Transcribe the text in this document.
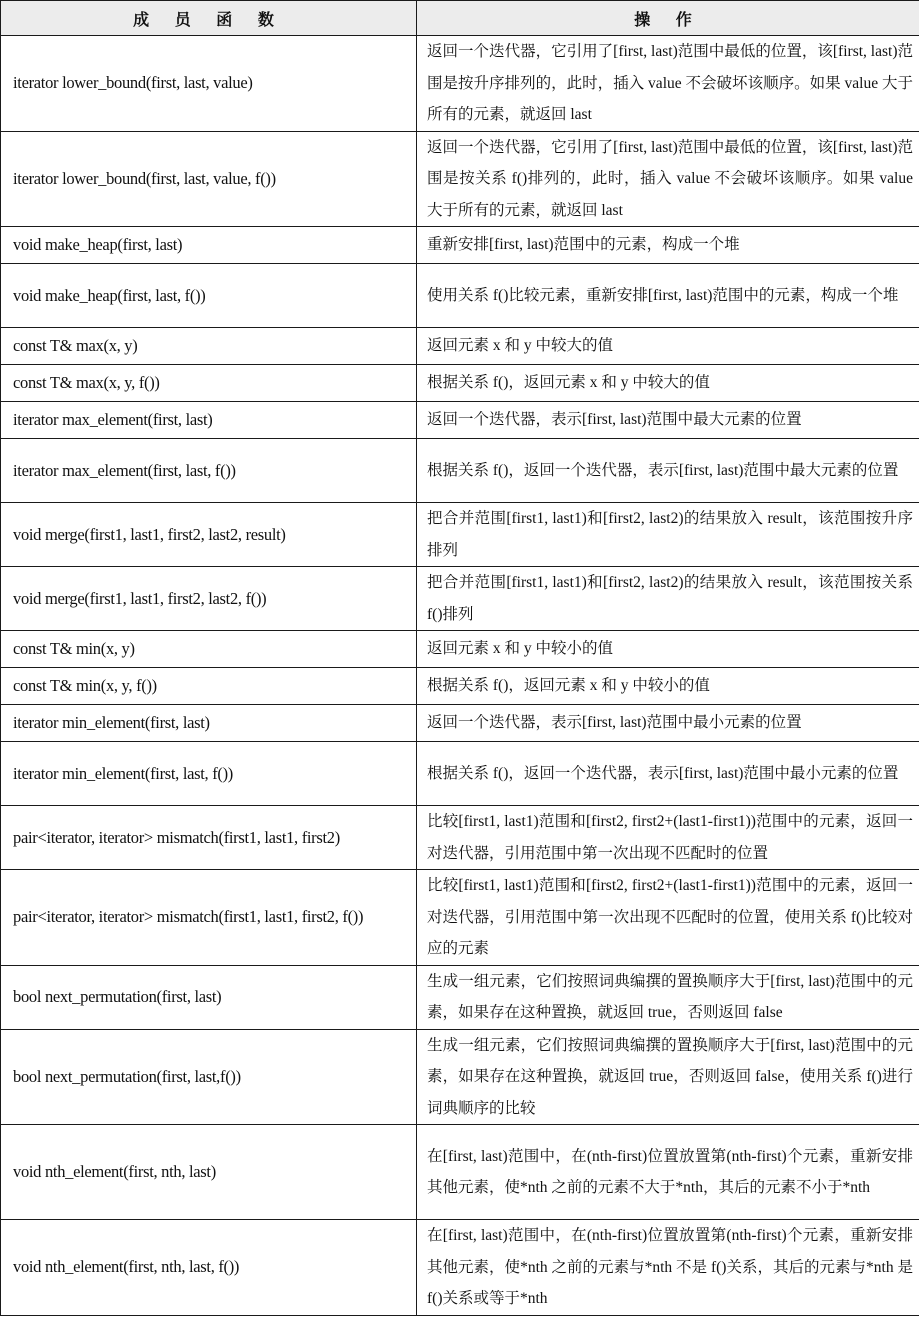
成 员 函 数	操 作
iterator lower_bound(first, last, value)	返回一个迭代器，它引用了[first, last)范围中最低的位置，该[first, last)范围是按升序排列的，此时，插入 value 不会破坏该顺序。如果 value 大于所有的元素，就返回 last
iterator lower_bound(first, last, value, f())	返回一个迭代器，它引用了[first, last)范围中最低的位置，该[first, last)范围是按关系 f()排列的，此时，插入 value 不会破坏该顺序。如果 value 大于所有的元素，就返回 last
void make_heap(first, last)	重新安排[first, last)范围中的元素，构成一个堆
void make_heap(first, last, f())	使用关系 f()比较元素，重新安排[first, last)范围中的元素，构成一个堆
const T& max(x, y)	返回元素 x 和 y 中较大的值
const T& max(x, y, f())	根据关系 f()，返回元素 x 和 y 中较大的值
iterator max_element(first, last)	返回一个迭代器，表示[first, last)范围中最大元素的位置
iterator max_element(first, last, f())	根据关系 f()，返回一个迭代器，表示[first, last)范围中最大元素的位置
void merge(first1, last1, first2, last2, result)	把合并范围[first1, last1)和[first2, last2)的结果放入 result，该范围按升序排列
void merge(first1, last1, first2, last2, f())	把合并范围[first1, last1)和[first2, last2)的结果放入 result，该范围按关系 f()排列
const T& min(x, y)	返回元素 x 和 y 中较小的值
const T& min(x, y, f())	根据关系 f()，返回元素 x 和 y 中较小的值
iterator min_element(first, last)	返回一个迭代器，表示[first, last)范围中最小元素的位置
iterator min_element(first, last, f())	根据关系 f()，返回一个迭代器，表示[first, last)范围中最小元素的位置
pair<iterator, iterator> mismatch(first1, last1, first2)	比较[first1, last1)范围和[first2, first2+(last1-first1))范围中的元素，返回一对迭代器，引用范围中第一次出现不匹配时的位置
pair<iterator, iterator> mismatch(first1, last1, first2, f())	比较[first1, last1)范围和[first2, first2+(last1-first1))范围中的元素，返回一对迭代器，引用范围中第一次出现不匹配时的位置，使用关系 f()比较对应的元素
bool next_permutation(first, last)	生成一组元素，它们按照词典编撰的置换顺序大于[first, last)范围中的元素，如果存在这种置换，就返回 true，否则返回 false
bool next_permutation(first, last,f())	生成一组元素，它们按照词典编撰的置换顺序大于[first, last)范围中的元素，如果存在这种置换，就返回 true，否则返回 false，使用关系 f()进行词典顺序的比较
void nth_element(first, nth, last)	在[first, last)范围中，在(nth-first)位置放置第(nth-first)个元素，重新安排其他元素，使*nth 之前的元素不大于*nth，其后的元素不小于*nth
void nth_element(first, nth, last, f())	在[first, last)范围中，在(nth-first)位置放置第(nth-first)个元素，重新安排其他元素，使*nth 之前的元素与*nth 不是 f()关系，其后的元素与*nth 是 f()关系或等于*nth
